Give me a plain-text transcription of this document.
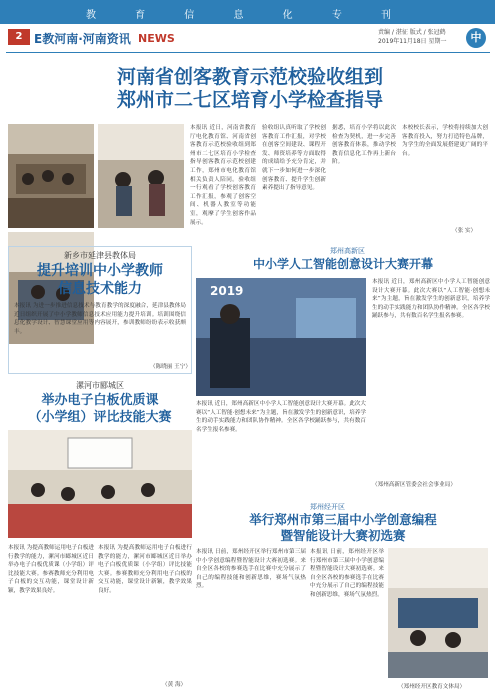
教 育 信 息 化 专 刊
2 E教河南·河南资讯 NEWS	责编 / 湛征 版式 / 张冠鹤
2019年11月18日 星期一	中
河南省创客教育示范校验收组到
郑州市二七区培育小学检查指导
本报讯 近日，河南省教育厅电化教育馆、河南省创客教育示范校验收组到郑州市二七区培育小学检查指导创客教育示范校创建工作，郑州市电化教育馆相关负责人陪同。验收组一行观看了学校创客教育工作汇报，参观了创客空间、机器人教室等功能室，观摩了学生创客作品展示。
验收组认真听取了学校创客教育工作汇报，对学校在创客空间建设、课程开发、师资培养等方面取得的成绩给予充分肯定，并就下一步如何进一步深化创客教育、提升学生创新素养提出了指导意见。
据悉，培育小学将以此次检查为契机，进一步完善创客教育体系，推动学校教育信息化工作再上新台阶。
本校校长表示，学校将持续加大创客教育投入，努力打造特色品牌，为学生的全面发展搭建更广阔的平台。
（张 实）
新乡市延津县教体局
提升培训中小学教师
信息技术能力
本报讯 为进一步推进信息技术与教育教学的深度融合，延津县教体局近日组织开展了中小学教师信息技术应用能力提升培训。培训围绕信息化教学设计、智慧课堂应用等内容展开，参训教师纷纷表示收获颇丰。
（陈晓丽 王宁）
郑州高新区
中小学人工智能创意设计大赛开幕
2019
本报讯 近日，郑州高新区中小学人工智能创意设计大赛开幕。此次大赛以“人工智能·创想未来”为主题，旨在激发学生的创新意识，培养学生的动手实践能力和团队协作精神。全区各学校踊跃参与，共有数百名学生报名参赛。
本报讯 近日，郑州高新区中小学人工智能创意设计大赛开幕。此次大赛以“人工智能·创想未来”为主题，旨在激发学生的创新意识，培养学生的动手实践能力和团队协作精神。全区各学校踊跃参与，共有数百名学生报名参赛。
（郑州高新区管委会社会事业局）
漯河市郾城区
举办电子白板优质课
（小学组）评比技能大赛
本报讯 为提高教师运用电子白板进行教学的能力，漯河市郾城区近日举办电子白板优质课（小学组）评比技能大赛。参赛教师充分利用电子白板的交互功能，课堂设计新颖，教学效果良好。
本报讯 为提高教师运用电子白板进行教学的能力，漯河市郾城区近日举办电子白板优质课（小学组）评比技能大赛。参赛教师充分利用电子白板的交互功能，课堂设计新颖，教学效果良好。
（黄 海）
郑州经开区
举行郑州市第三届中小学创意编程
暨智能设计大赛初选赛
本报讯 日前，郑州经开区举行郑州市第三届中小学创意编程暨智能设计大赛初选赛。来自全区各校的参赛选手在比赛中充分展示了自己的编程技能和创新思维，赛场气氛热烈。
本报讯 日前，郑州经开区举行郑州市第三届中小学创意编程暨智能设计大赛初选赛。来自全区各校的参赛选手在比赛中充分展示了自己的编程技能和创新思维，赛场气氛热烈。
（郑州经开区教育文体局）
